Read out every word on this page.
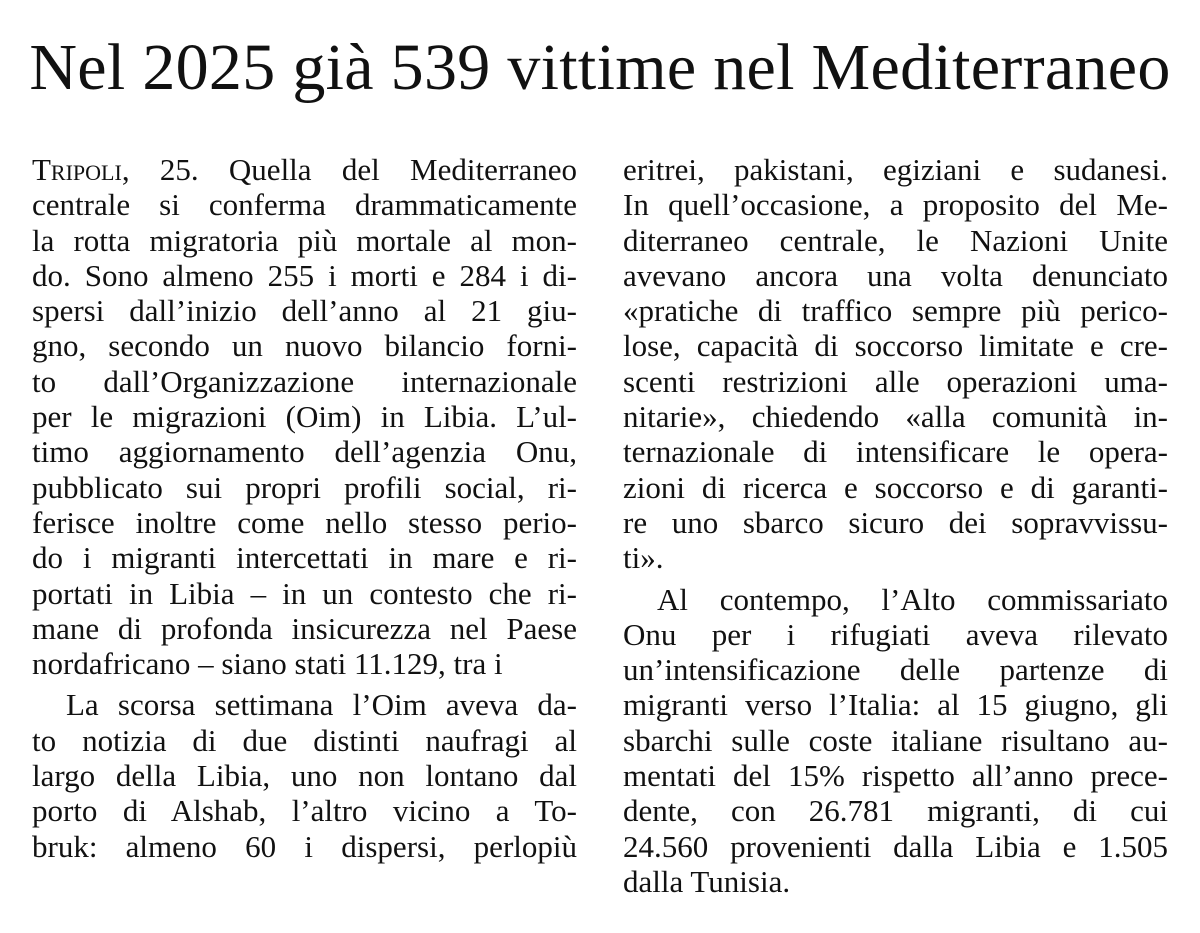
Nel 2025 già 539 vittime nel Mediterraneo
Tripoli, 25. Quella del Mediterraneo
centrale si conferma drammaticamente
la rotta migratoria più mortale al mon-
do. Sono almeno 255 i morti e 284 i di-
spersi dall’inizio dell’anno al 21 giu-
gno, secondo un nuovo bilancio forni-
to dall’Organizzazione internazionale
per le migrazioni (Oim) in Libia. L’ul-
timo aggiornamento dell’agenzia Onu,
pubblicato sui propri profili social, ri-
ferisce inoltre come nello stesso perio-
do i migranti intercettati in mare e ri-
portati in Libia – in un contesto che ri-
mane di profonda insicurezza nel Paese
nordafricano – siano stati 11.129, tra i
La scorsa settimana l’Oim aveva da-
to notizia di due distinti naufragi al
largo della Libia, uno non lontano dal
porto di Alshab, l’altro vicino a To-
bruk: almeno 60 i dispersi, perlopiù
eritrei, pakistani, egiziani e sudanesi.
In quell’occasione, a proposito del Me-
diterraneo centrale, le Nazioni Unite
avevano ancora una volta denunciato
«pratiche di traffico sempre più perico-
lose, capacità di soccorso limitate e cre-
scenti restrizioni alle operazioni uma-
nitarie», chiedendo «alla comunità in-
ternazionale di intensificare le opera-
zioni di ricerca e soccorso e di garanti-
re uno sbarco sicuro dei sopravvissu-
ti».
Al contempo, l’Alto commissariato
Onu per i rifugiati aveva rilevato
un’intensificazione delle partenze di
migranti verso l’Italia: al 15 giugno, gli
sbarchi sulle coste italiane risultano au-
mentati del 15% rispetto all’anno prece-
dente, con 26.781 migranti, di cui
24.560 provenienti dalla Libia e 1.505
dalla Tunisia.
